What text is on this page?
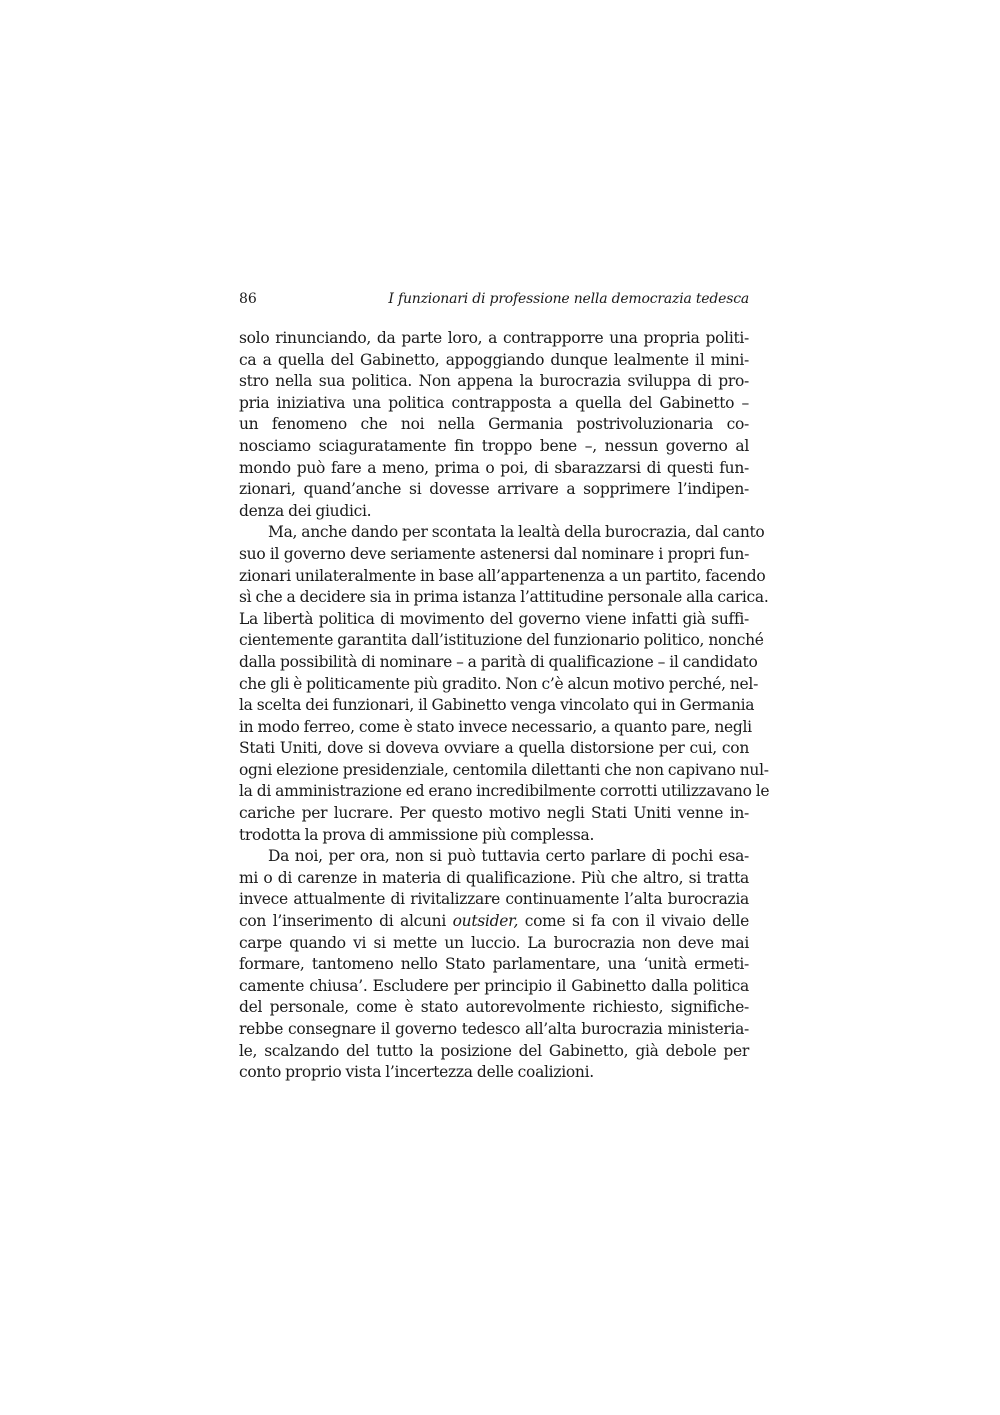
86	I funzionari di professione nella democrazia tedesca
solo rinunciando, da parte loro, a contrapporre una propria politi-
ca a quella del Gabinetto, appoggiando dunque lealmente il mini-
stro nella sua politica. Non appena la burocrazia sviluppa di pro-
pria iniziativa una politica contrapposta a quella del Gabinetto –
un fenomeno che noi nella Germania postrivoluzionaria co-
nosciamo sciaguratamente fin troppo bene –, nessun governo al
mondo può fare a meno, prima o poi, di sbarazzarsi di questi fun-
zionari, quand’anche si dovesse arrivare a sopprimere l’indipen-
denza dei giudici.
Ma, anche dando per scontata la lealtà della burocrazia, dal canto
suo il governo deve seriamente astenersi dal nominare i propri fun-
zionari unilateralmente in base all’appartenenza a un partito, facendo
sì che a decidere sia in prima istanza l’attitudine personale alla carica.
La libertà politica di movimento del governo viene infatti già suffi-
cientemente garantita dall’istituzione del funzionario politico, nonché
dalla possibilità di nominare – a parità di qualificazione – il candidato
che gli è politicamente più gradito. Non c’è alcun motivo perché, nel-
la scelta dei funzionari, il Gabinetto venga vincolato qui in Germania
in modo ferreo, come è stato invece necessario, a quanto pare, negli
Stati Uniti, dove si doveva ovviare a quella distorsione per cui, con
ogni elezione presidenziale, centomila dilettanti che non capivano nul-
la di amministrazione ed erano incredibilmente corrotti utilizzavano le
cariche per lucrare. Per questo motivo negli Stati Uniti venne in-
trodotta la prova di ammissione più complessa.
Da noi, per ora, non si può tuttavia certo parlare di pochi esa-
mi o di carenze in materia di qualificazione. Più che altro, si tratta
invece attualmente di rivitalizzare continuamente l’alta burocrazia
con l’inserimento di alcuni outsider, come si fa con il vivaio delle
carpe quando vi si mette un luccio. La burocrazia non deve mai
formare, tantomeno nello Stato parlamentare, una ‘unità ermeti-
camente chiusa’. Escludere per principio il Gabinetto dalla politica
del personale, come è stato autorevolmente richiesto, significhe-
rebbe consegnare il governo tedesco all’alta burocrazia ministeria-
le, scalzando del tutto la posizione del Gabinetto, già debole per
conto proprio vista l’incertezza delle coalizioni.
